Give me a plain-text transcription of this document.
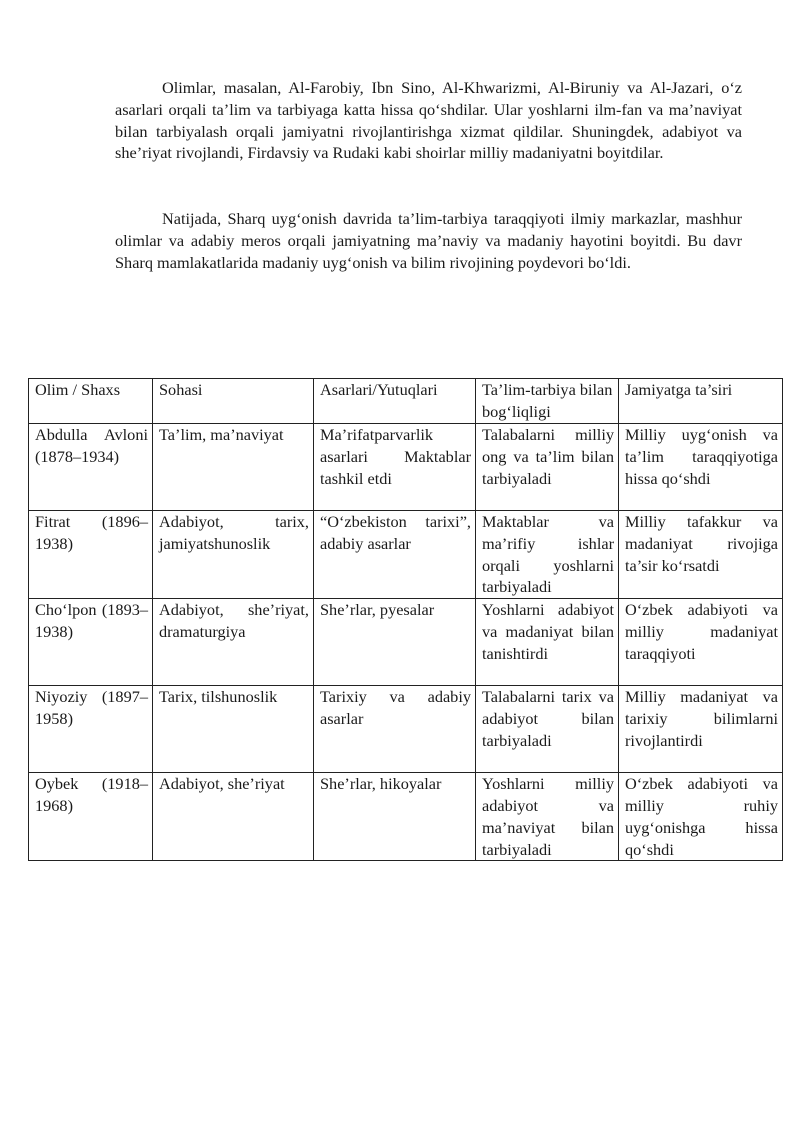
Olimlar, masalan, Al-Farobiy, Ibn Sino, Al-Khwarizmi, Al-Biruniy va Al-Jazari, o‘z asarlari orqali ta’lim va tarbiyaga katta hissa qo‘shdilar. Ular yoshlarni ilm-fan va ma’naviyat bilan tarbiyalash orqali jamiyatni rivojlantirishga xizmat qildilar. Shuningdek, adabiyot va she’riyat rivojlandi, Firdavsiy va Rudaki kabi shoirlar milliy madaniyatni boyitdilar.

Natijada, Sharq uyg‘onish davrida ta’lim-tarbiya taraqqiyoti ilmiy markazlar, mashhur olimlar va adabiy meros orqali jamiyatning ma’naviy va madaniy hayotini boyitdi. Bu davr Sharq mamlakatlarida madaniy uyg‘onish va bilim rivojining poydevori bo‘ldi.

Olim / Shaxs	Sohasi	Asarlari/Yutuqlari	Ta’lim-tarbiya bilan bog‘liqligi	Jamiyatga ta’siri
Abdulla Avloni (1878–1934)	Ta’lim, ma’naviyat	Ma’rifatparvarlik asarlari Maktablar tashkil etdi	Talabalarni milliy ong va ta’lim bilan tarbiyaladi	Milliy uyg‘onish va ta’lim taraqqiyotiga hissa qo‘shdi
Fitrat (1896–1938)	Adabiyot, tarix, jamiyatshunoslik	“O‘zbekiston tarixi”, adabiy asarlar	Maktablar va ma’rifiy ishlar orqali yoshlarni tarbiyaladi	Milliy tafakkur va madaniyat rivojiga ta’sir ko‘rsatdi
Cho‘lpon (1893–1938)	Adabiyot, she’riyat, dramaturgiya	She’rlar, pyesalar	Yoshlarni adabiyot va madaniyat bilan tanishtirdi	O‘zbek adabiyoti va milliy madaniyat taraqqiyoti
Niyoziy (1897–1958)	Tarix, tilshunoslik	Tarixiy va adabiy asarlar	Talabalarni tarix va adabiyot bilan tarbiyaladi	Milliy madaniyat va tarixiy bilimlarni rivojlantirdi
Oybek (1918–1968)	Adabiyot, she’riyat	She’rlar, hikoyalar	Yoshlarni milliy adabiyot va ma’naviyat bilan tarbiyaladi	O‘zbek adabiyoti va milliy ruhiy uyg‘onishga hissa qo‘shdi
